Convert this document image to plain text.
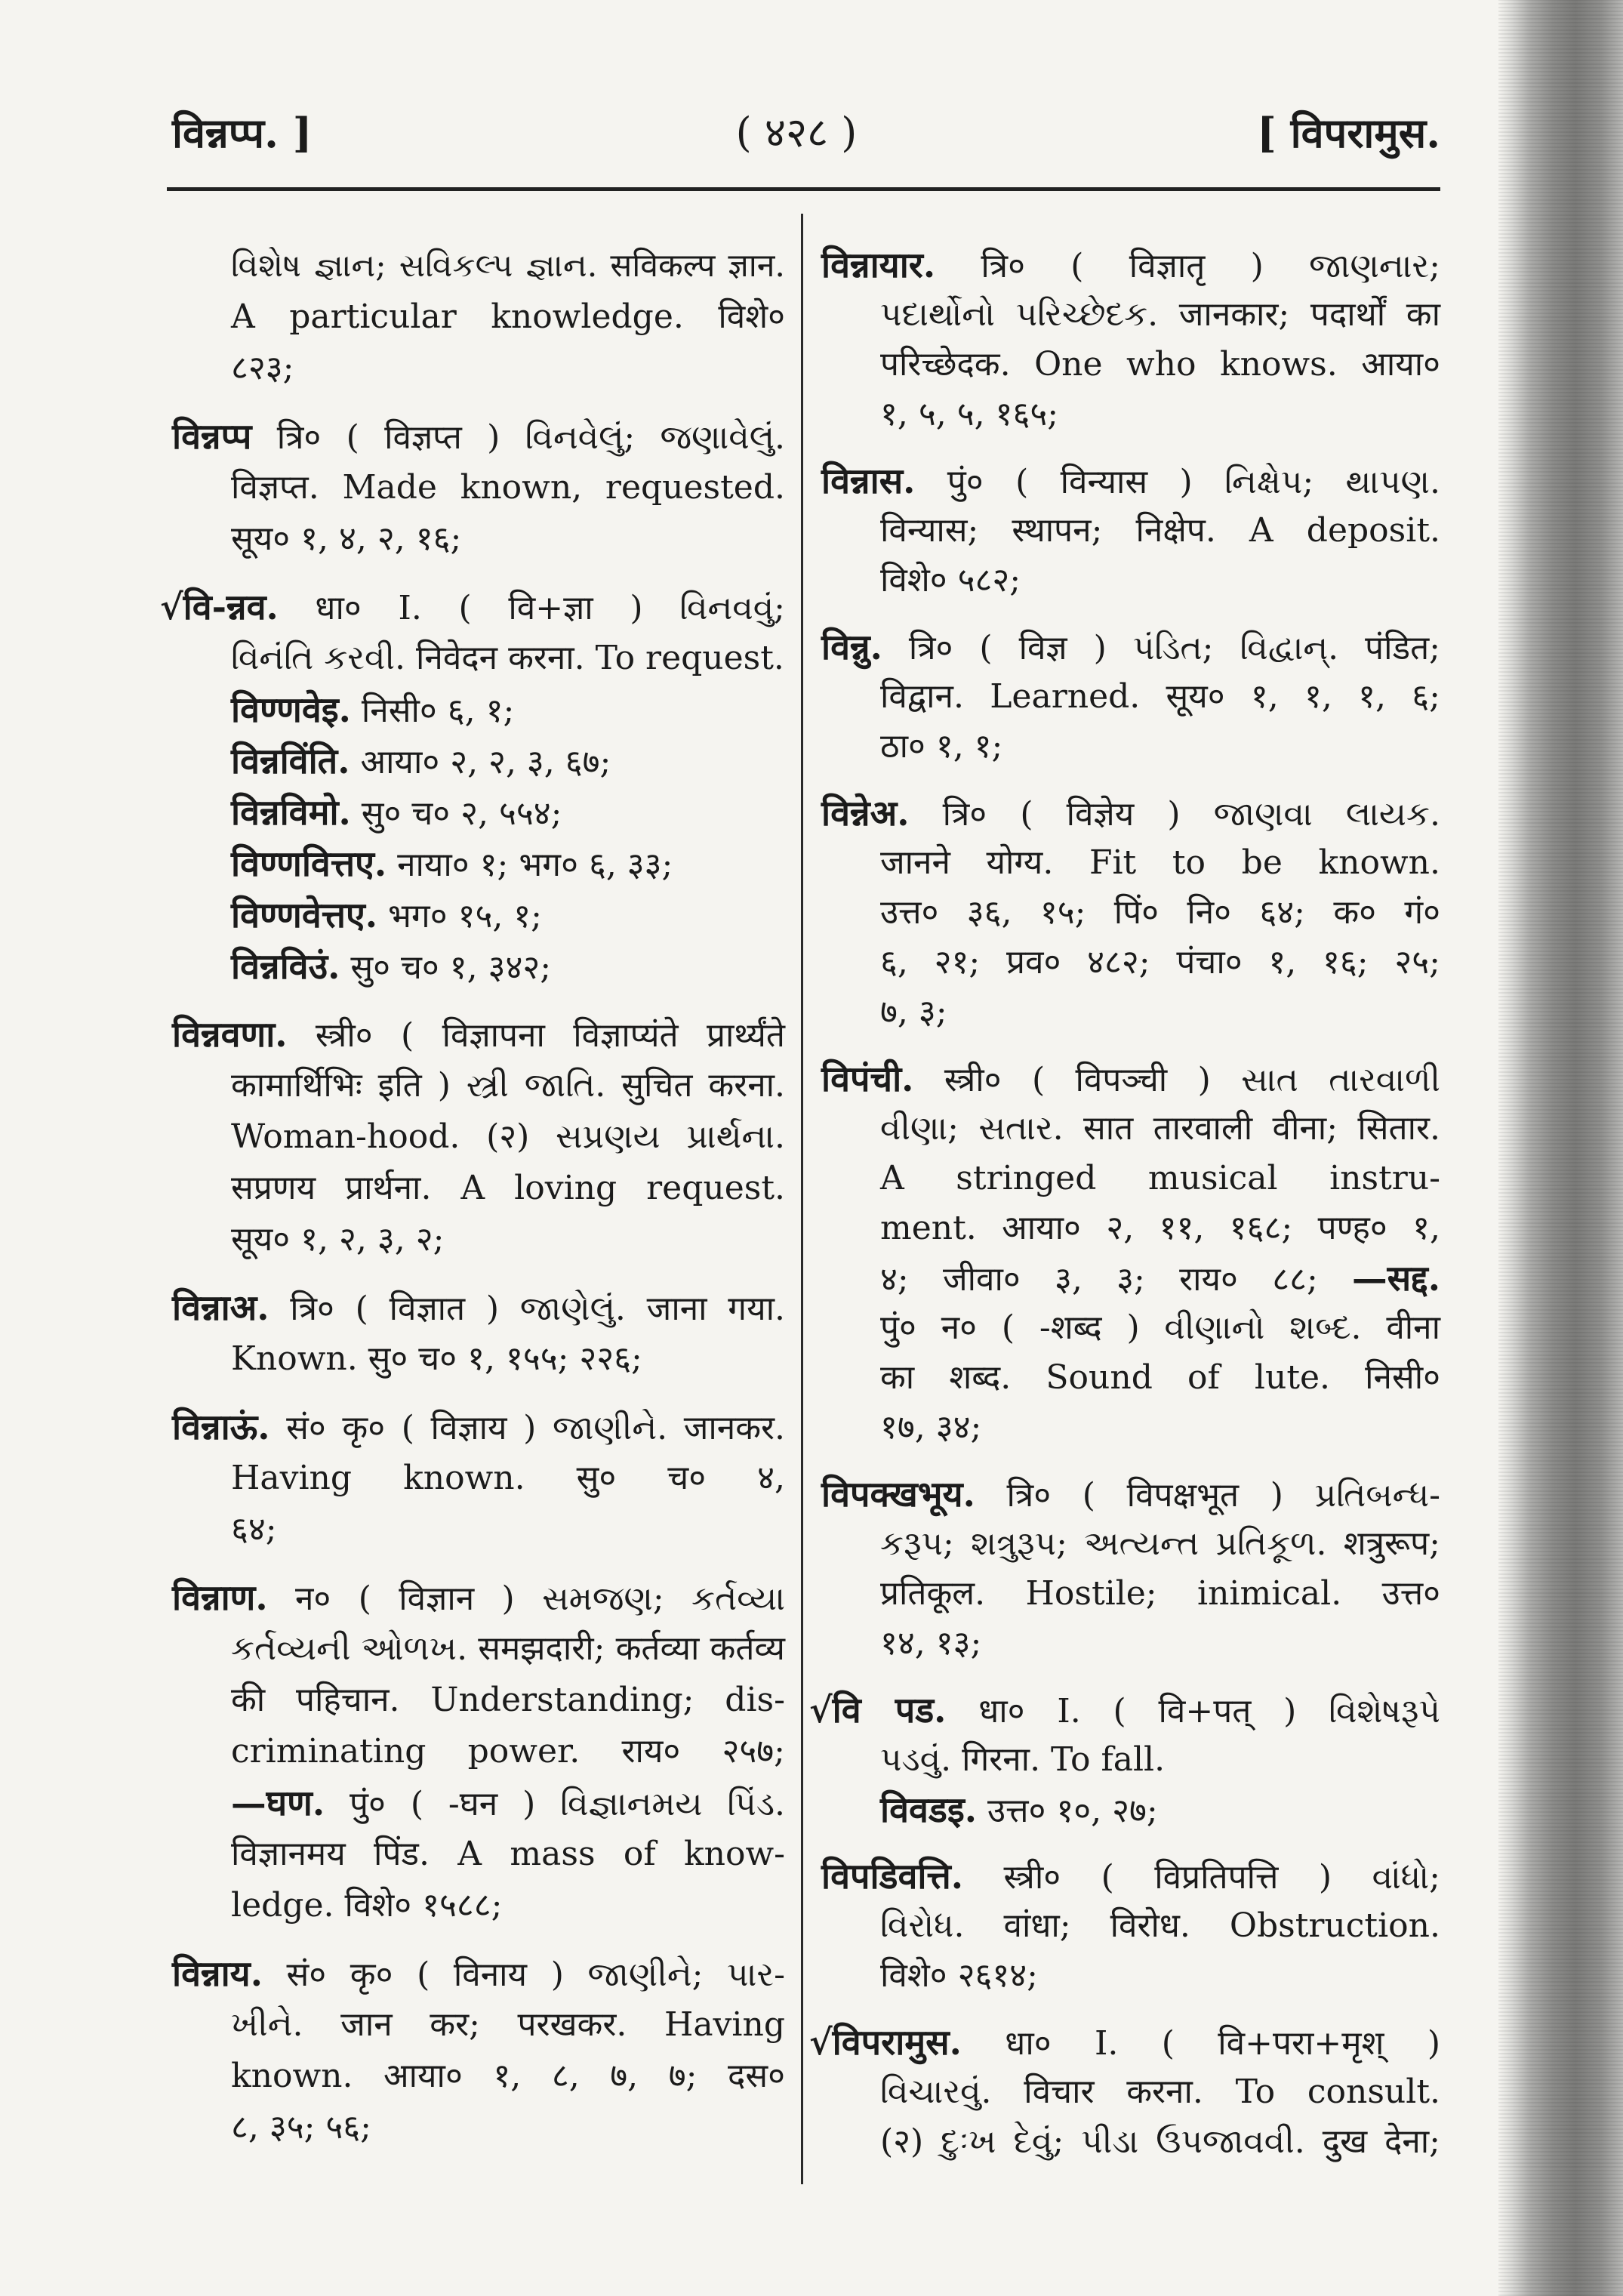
विन्नप्प. ]	( ४२८ )	[ विपरामुस.
વિશેષ જ્ઞાન; સવિકલ્પ જ્ઞાન. सविकल्प ज्ञान.
A particular knowledge. विशे०
८२३;
विन्नप्प त्रि० ( विज्ञप्त ) વિનવેલું; જણાવેલું.
विज्ञप्त. Made known, requested.
सूय० १, ४, २, १६;
√वि-न्नव. धा० I. ( वि+ज्ञा ) વિનવવું;
વિનંતિ કરવી. निवेदन करना. To request.
विण्णवेइ. निसी० ६, १;
विन्नविंति. आया० २, २, ३, ६७;
विन्नविमो. सु० च० २, ५५४;
विण्णवित्तए. नाया० १; भग० ६, ३३;
विण्णवेत्तए. भग० १५, १;
विन्नविउं. सु० च० १, ३४२;
विन्नवणा. स्त्री० ( विज्ञापना विज्ञाप्यंते प्रार्थ्यंते
कामार्थिभिः इति ) સ્ત્રી જાતિ. सुचित करना.
Woman-hood. (२) સપ્રણય પ્રાર્થના.
सप्रणय प्रार्थना. A loving request.
सूय० १, २, ३, २;
विन्नाअ. त्रि० ( विज्ञात ) જાણેલું. जाना गया.
Known. सु० च० १, १५५; २२६;
विन्नाऊं. सं० कृ० ( विज्ञाय ) જાણીને. जानकर.
Having known. सु० च० ४,
६४;
विन्नाण. न० ( विज्ञान ) સમજણ; કર્તવ્યા
કર્તવ્યની ઓળખ. समझदारी; कर्तव्या कर्तव्य
की पहिचान. Understanding; dis-
criminating power. राय० २५७;
—घण. पुं० ( -घन ) વિજ્ઞાનમય પિંડ.
विज्ञानमय पिंड. A mass of know-
ledge. विशे० १५८८;
विन्नाय. सं० कृ० ( विनाय ) જાણીને; પાર-
ખીને. जान कर; परखकर. Having
known. आया० १, ८, ७, ७; दस०
८, ३५; ५६;
विन्नायार. त्रि० ( विज्ञातृ ) જાણનાર;
પદાર્થોનો પરિચ્છેદક. जानकार; पदार्थों का
परिच्छेदक. One who knows. आया०
१, ५, ५, १६५;
विन्नास. पुं० ( विन्यास ) નિક્ષેપ; થાપણ.
विन्यास; स्थापन; निक्षेप. A deposit.
विशे० ५८२;
विन्नु. त्रि० ( विज्ञ ) પંડિત; વિદ્વાન્. पंडित;
विद्वान. Learned. सूय० १, १, १, ६;
ठा० १, १;
विन्नेअ. त्रि० ( विज्ञेय ) જાણવા લાયક.
जानने योग्य. Fit to be known.
उत्त० ३६, १५; पिं० नि० ६४; क० गं०
६, २१; प्रव० ४८२; पंचा० १, १६; २५;
७, ३;
विपंची. स्त्री० ( विपञ्ची ) સાત તારવાળી
વીણા; સતાર. सात तारवाली वीना; सितार.
A stringed musical instru-
ment. आया० २, ११, १६८; पण्ह० १,
४; जीवा० ३, ३; राय० ८८; —सद्द.
पुं० न० ( -शब्द ) વીણાનો શબ્દ. वीना
का शब्द. Sound of lute. निसी०
१७, ३४;
विपक्खभूय. त्रि० ( विपक्षभूत ) પ્રતિબન્ધ-
કરૂપ; શત્રુરૂપ; અત્યન્ત પ્રતિકૂળ. शत्रुरूप;
प्रतिकूल. Hostile; inimical. उत्त०
१४, १३;
√वि पड. धा० I. ( वि+पत् ) વિશેષરૂપે
પડવું. गिरना. To fall.
विवडइ. उत्त० १०, २७;
विपडिवत्ति. स्त्री० ( विप्रतिपत्ति ) વાંધો;
વિરોધ. वांधा; विरोध. Obstruction.
विशे० २६१४;
√विपरामुस. धा० I. ( वि+परा+मृश् )
વિચારવું. विचार करना. To consult.
(२) દુઃખ દેવું; પીડા ઉપજાવવી. दुख देना;
